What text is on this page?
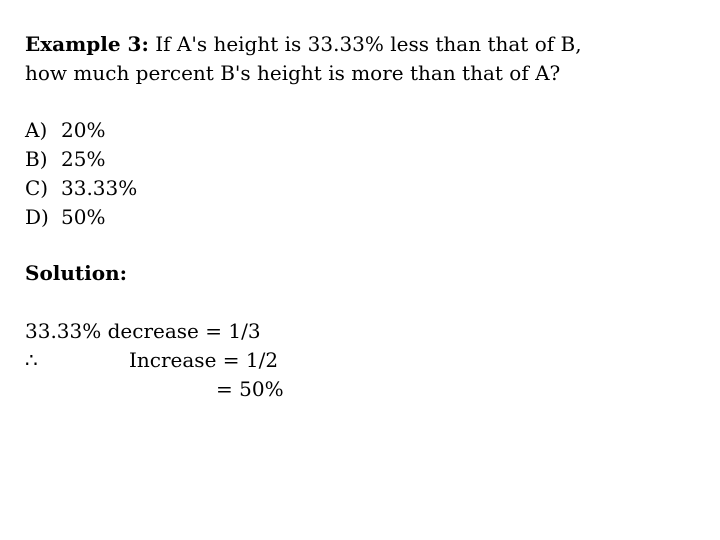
Example 3: If A's height is 33.33% less than that of B,
how much percent B's height is more than that of A?
A) 20%
B) 25%
C) 33.33%
D) 50%
Solution:
33.33% decrease = 1/3
∴	Increase = 1/2
= 50%
